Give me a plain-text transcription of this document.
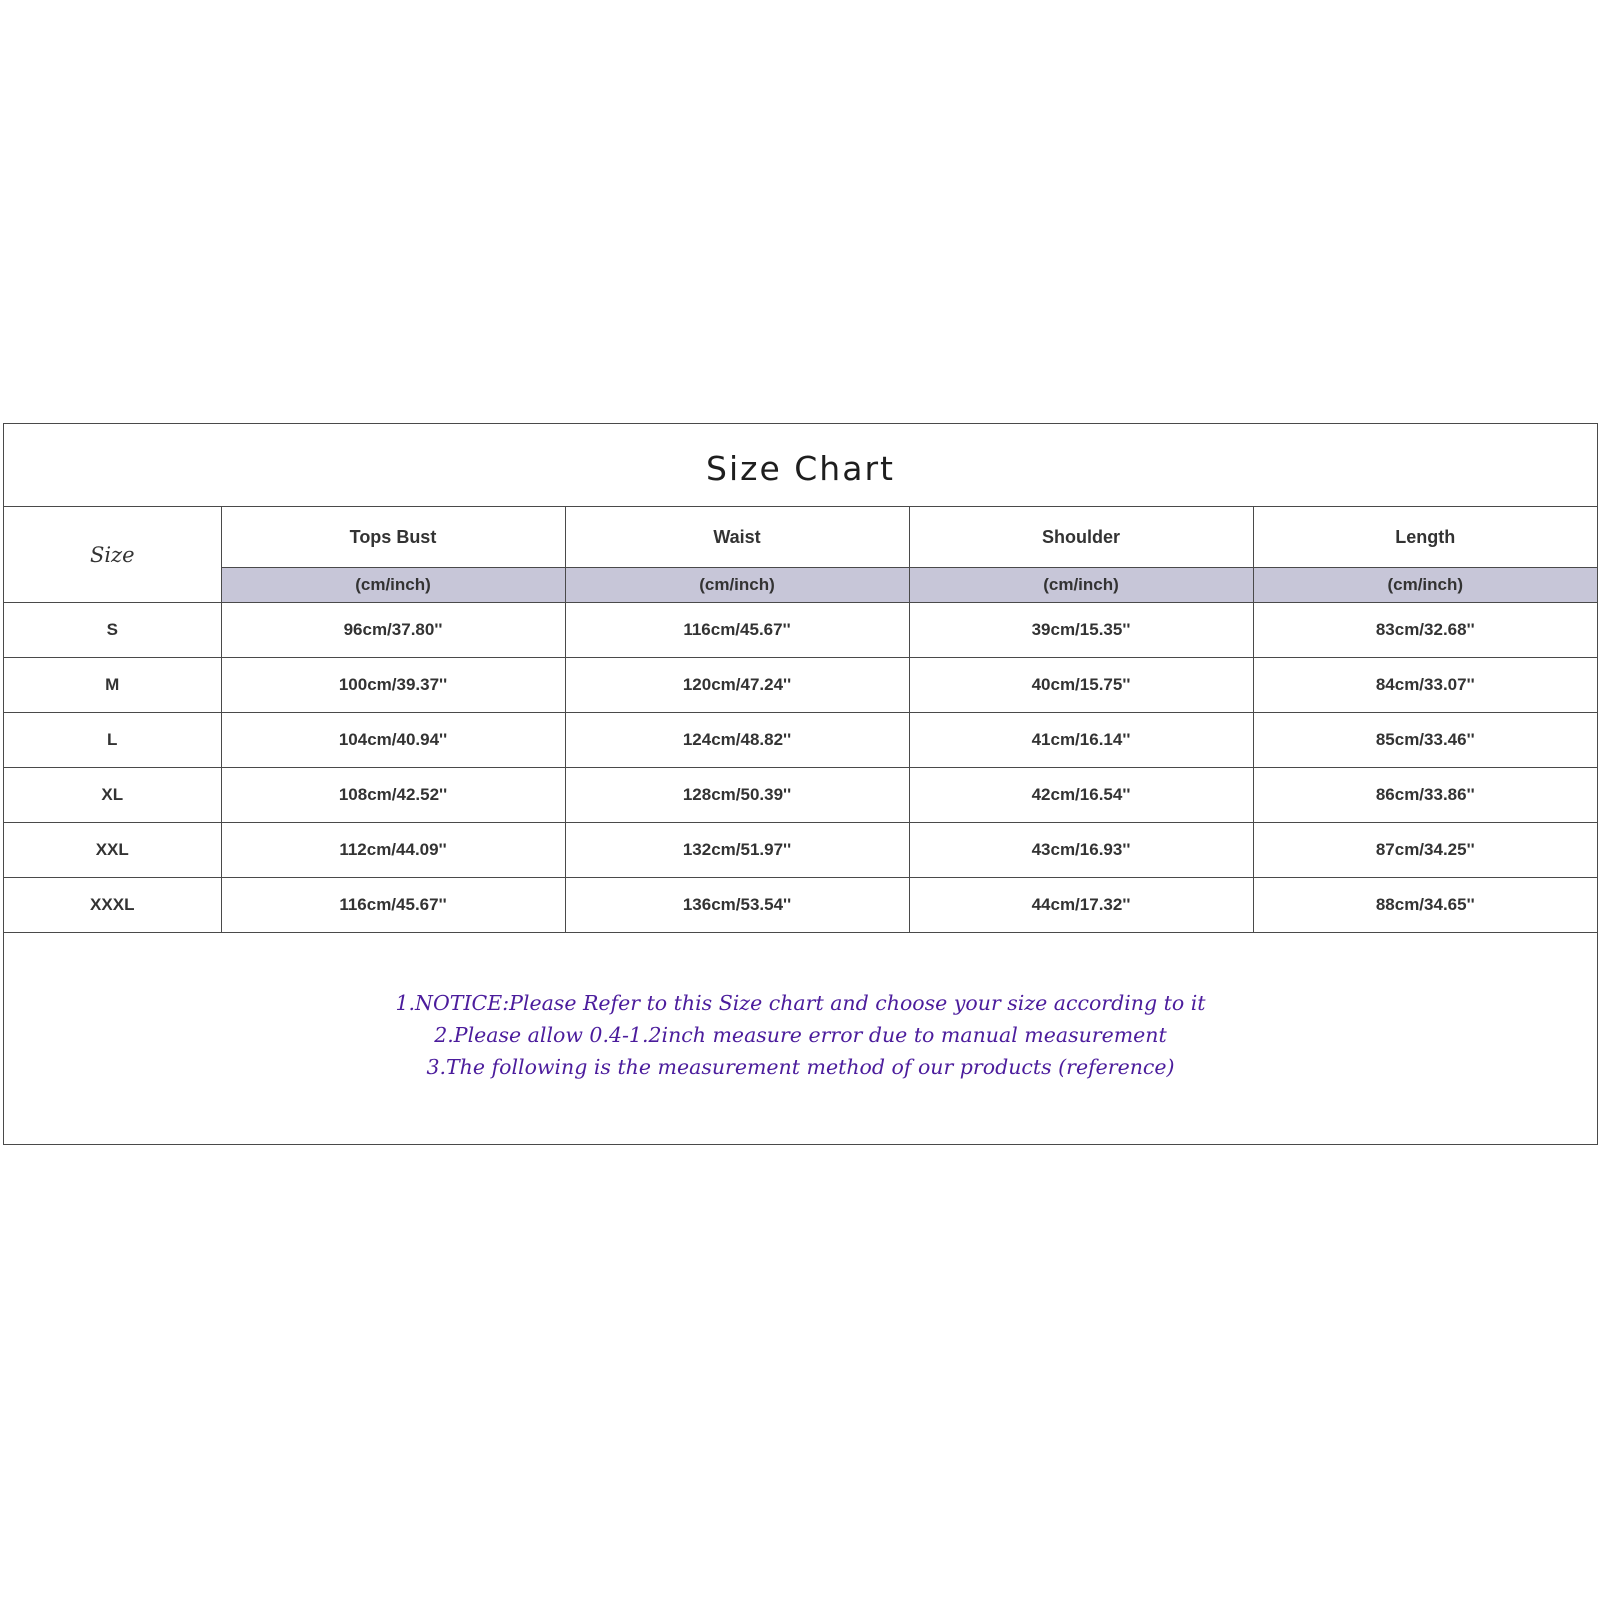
Size Chart
Size	Tops Bust	Waist	Shoulder	Length
	(cm/inch)	(cm/inch)	(cm/inch)	(cm/inch)
S	96cm/37.80''	116cm/45.67''	39cm/15.35''	83cm/32.68''
M	100cm/39.37''	120cm/47.24''	40cm/15.75''	84cm/33.07''
L	104cm/40.94''	124cm/48.82''	41cm/16.14''	85cm/33.46''
XL	108cm/42.52''	128cm/50.39''	42cm/16.54''	86cm/33.86''
XXL	112cm/44.09''	132cm/51.97''	43cm/16.93''	87cm/34.25''
XXXL	116cm/45.67''	136cm/53.54''	44cm/17.32''	88cm/34.65''
1.NOTICE:Please Refer to this Size chart and choose your size according to it
2.Please allow 0.4-1.2inch measure error due to manual measurement
3.The following is the measurement method of our products (reference)
